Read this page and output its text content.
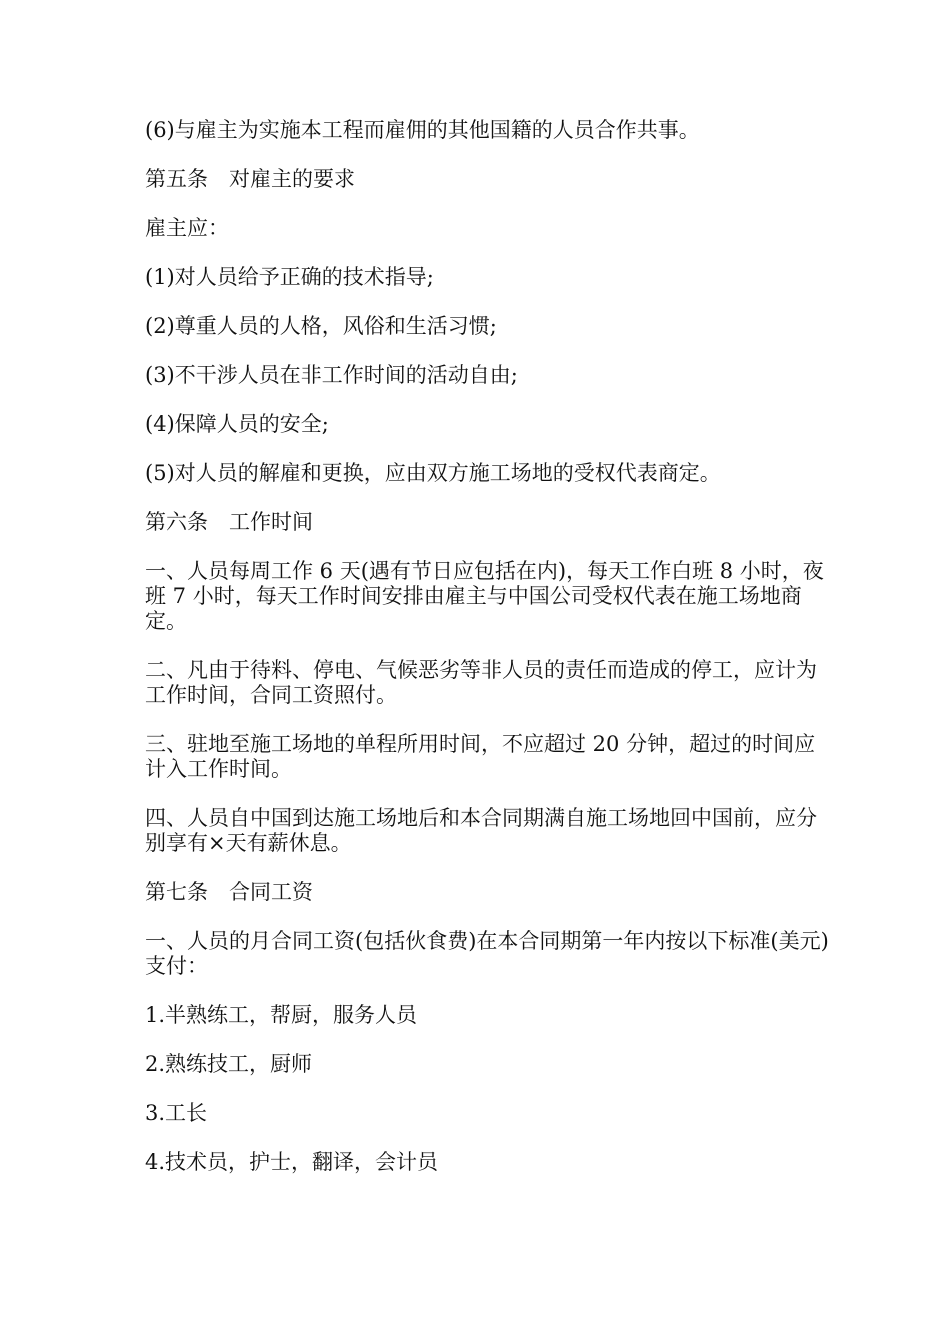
(6)与雇主为实施本工程而雇佣的其他国籍的人员合作共事。

第五条　对雇主的要求

雇主应：

(1)对人员给予正确的技术指导;

(2)尊重人员的人格，风俗和生活习惯;

(3)不干涉人员在非工作时间的活动自由;

(4)保障人员的安全;

(5)对人员的解雇和更换，应由双方施工场地的受权代表商定。

第六条　工作时间

一、人员每周工作 6 天(遇有节日应包括在内)，每天工作白班 8 小时，夜班 7 小时，每天工作时间安排由雇主与中国公司受权代表在施工场地商定。

二、凡由于待料、停电、气候恶劣等非人员的责任而造成的停工，应计为工作时间，合同工资照付。

三、驻地至施工场地的单程所用时间，不应超过 20 分钟，超过的时间应计入工作时间。

四、人员自中国到达施工场地后和本合同期满自施工场地回中国前，应分别享有×天有薪休息。

第七条　合同工资

一、人员的月合同工资(包括伙食费)在本合同期第一年内按以下标准(美元)支付：

1.半熟练工，帮厨，服务人员

2.熟练技工，厨师

3.工长

4.技术员，护士，翻译，会计员
